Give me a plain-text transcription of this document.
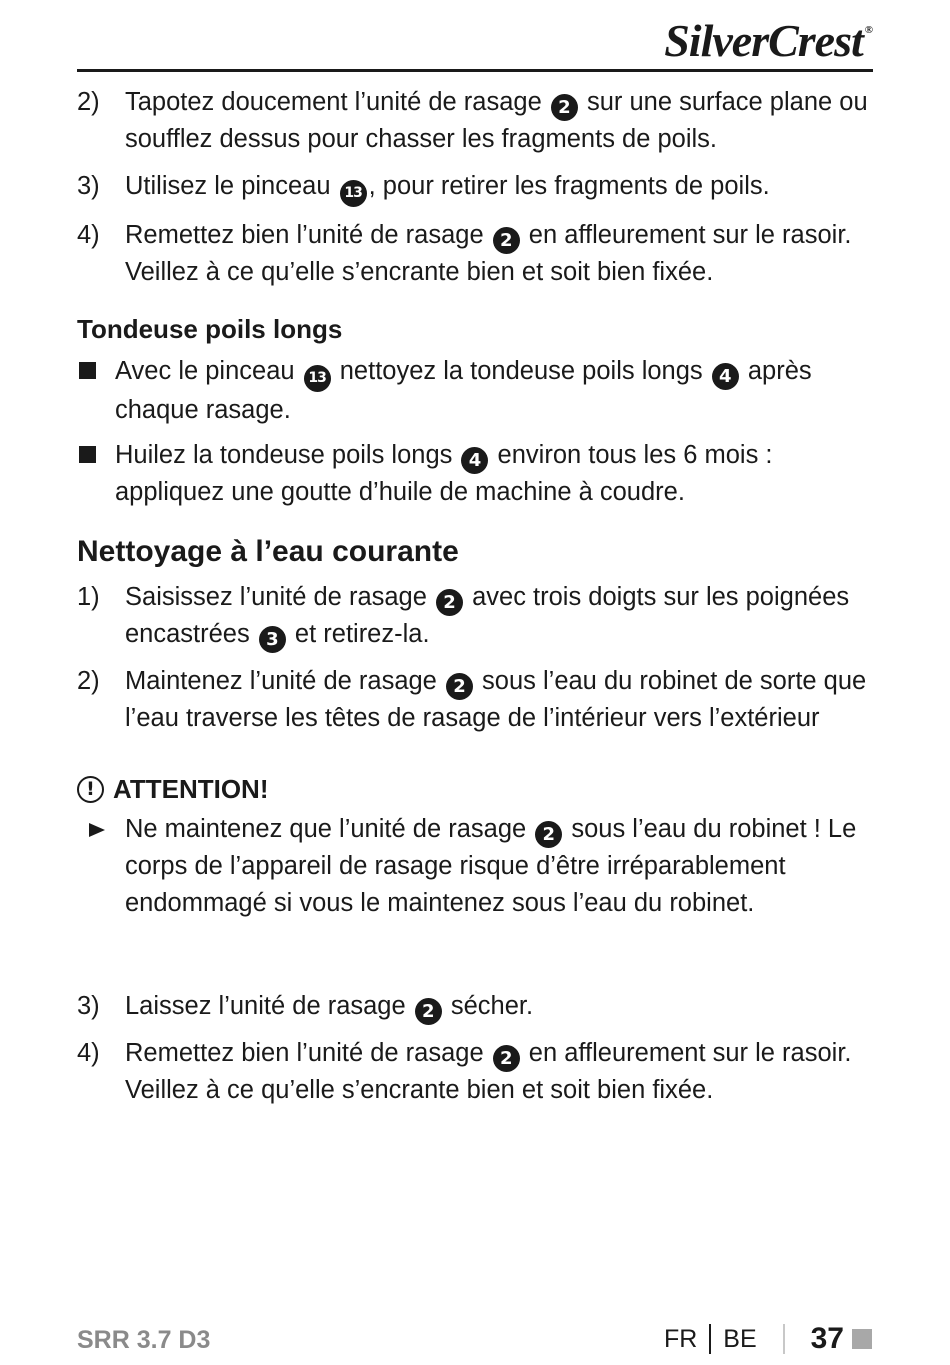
SilverCrest ®
2) Tapotez doucement l’unité de rasage 2 sur une surface plane ou soufflez dessus pour chasser les fragments de poils.
3) Utilisez le pinceau 13 , pour retirer les fragments de poils.
4) Remettez bien l’unité de rasage 2 en affleurement sur le rasoir. Veillez à ce qu’elle s’encrante bien et soit bien fixée.
Tondeuse poils longs
Avec le pinceau 13 nettoyez la tondeuse poils longs 4 après chaque rasage.
Huilez la tondeuse poils longs 4 environ tous les 6 mois : appliquez une goutte d’huile de machine à coudre.
Nettoyage à l’eau courante
1) Saisissez l’unité de rasage 2 avec trois doigts sur les poignées encastrées 3 et retirez-la.
2) Maintenez l’unité de rasage 2 sous l’eau du robinet de sorte que l’eau traverse les têtes de rasage de l’intérieur vers l’extérieur
! ATTENTION!
Ne maintenez que l’unité de rasage 2 sous l’eau du robinet ! Le corps de l’appareil de rasage risque d’être irréparablement endommagé si vous le maintenez sous l’eau du robinet.
3) Laissez l’unité de rasage 2 sécher.
4) Remettez bien l’unité de rasage 2 en affleurement sur le rasoir. Veillez à ce qu’elle s’encrante bien et soit bien fixée.
SRR 3.7 D3	FR BE 37
